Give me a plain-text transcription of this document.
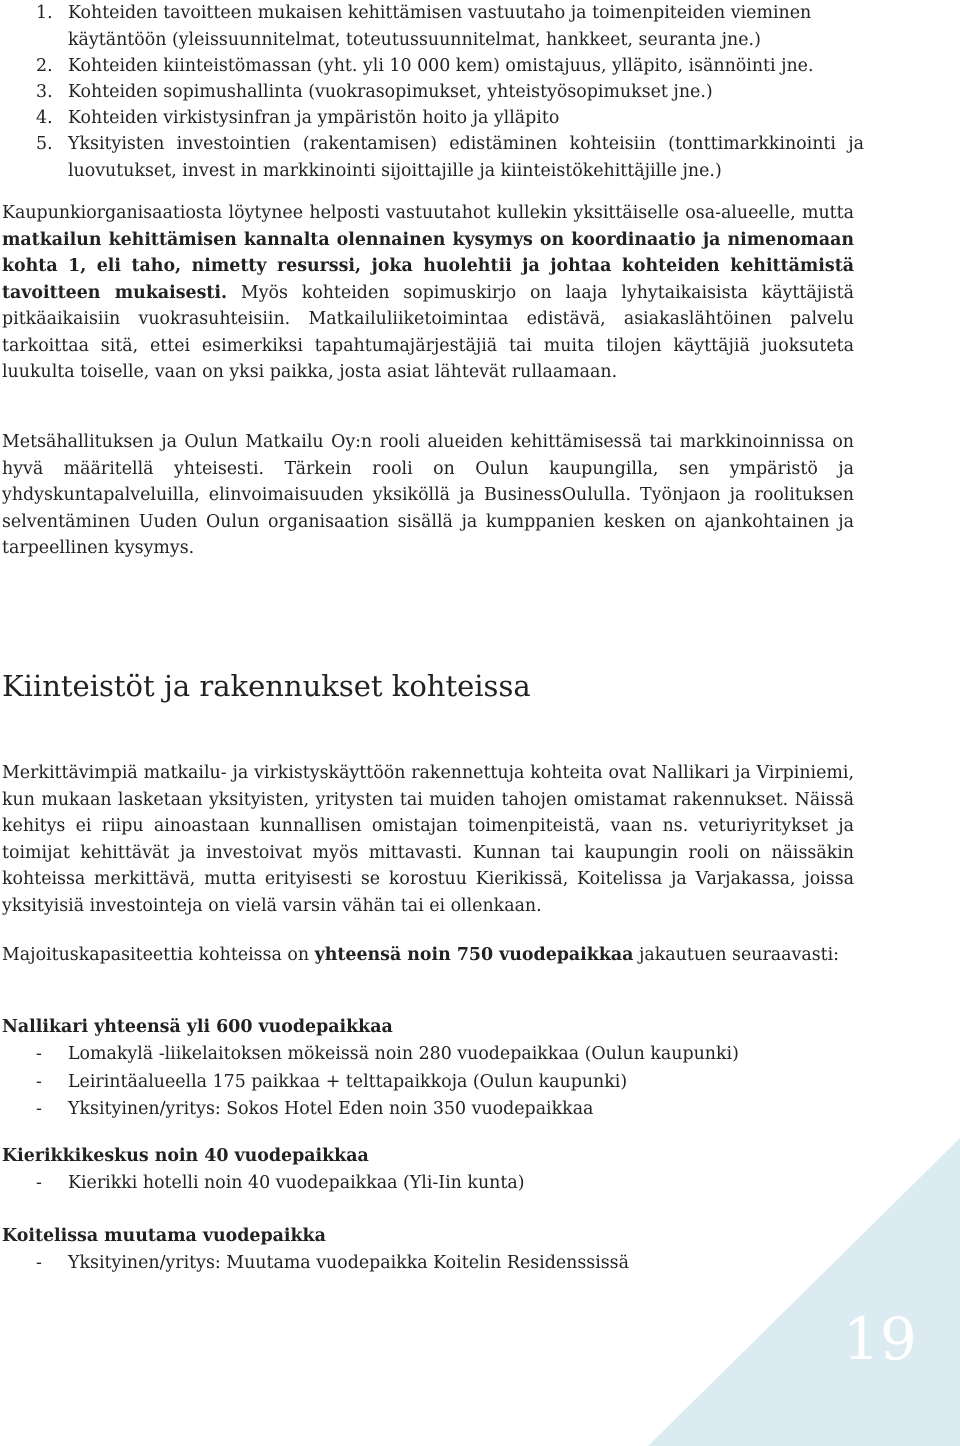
1. Kohteiden tavoitteen mukaisen kehittämisen vastuutaho ja toimenpiteiden vieminen käytäntöön (yleissuunnitelmat, toteutussuunnitelmat, hankkeet, seuranta jne.)
2. Kohteiden kiinteistömassan (yht. yli 10 000 kem) omistajuus, ylläpito, isännöinti jne.
3. Kohteiden sopimushallinta (vuokrasopimukset, yhteistyösopimukset jne.)
4. Kohteiden virkistysinfran ja ympäristön hoito ja ylläpito
5. Yksityisten investointien (rakentamisen) edistäminen kohteisiin (tonttimarkkinointi ja luovutukset, invest in markkinointi sijoittajille ja kiinteistökehittäjille jne.)

Kaupunkiorganisaatiosta löytynee helposti vastuutahot kullekin yksittäiselle osa-alueelle, mutta matkailun kehittämisen kannalta olennainen kysymys on koordinaatio ja nimenomaan kohta 1, eli taho, nimetty resurssi, joka huolehtii ja johtaa kohteiden kehittämistä tavoitteen mukaisesti. Myös kohteiden sopimuskirjo on laaja lyhytaikaisista käyttäjistä pitkäaikaisiin vuokrasuhteisiin. Matkailuliiketoimintaa edistävä, asiakaslähtöinen palvelu tarkoittaa sitä, ettei esimerkiksi tapahtumajärjestäjiä tai muita tilojen käyttäjiä juoksuteta luukulta toiselle, vaan on yksi paikka, josta asiat lähtevät rullaamaan.

Metsähallituksen ja Oulun Matkailu Oy:n rooli alueiden kehittämisessä tai markkinoinnissa on hyvä määritellä yhteisesti. Tärkein rooli on Oulun kaupungilla, sen ympäristö ja yhdyskuntapalveluilla, elinvoimaisuuden yksiköllä ja BusinessOululla. Työnjaon ja roolituksen selventäminen Uuden Oulun organisaation sisällä ja kumppanien kesken on ajankohtainen ja tarpeellinen kysymys.

Kiinteistöt ja rakennukset kohteissa

Merkittävimpiä matkailu- ja virkistyskäyttöön rakennettuja kohteita ovat Nallikari ja Virpiniemi, kun mukaan lasketaan yksityisten, yritysten tai muiden tahojen omistamat rakennukset. Näissä kehitys ei riipu ainoastaan kunnallisen omistajan toimenpiteistä, vaan ns. veturiyritykset ja toimijat kehittävät ja investoivat myös mittavasti. Kunnan tai kaupungin rooli on näissäkin kohteissa merkittävä, mutta erityisesti se korostuu Kierikissä, Koitelissa ja Varjakassa, joissa yksityisiä investointeja on vielä varsin vähän tai ei ollenkaan.

Majoituskapasiteettia kohteissa on yhteensä noin 750 vuodepaikkaa jakautuen seuraavasti:

Nallikari yhteensä yli 600 vuodepaikkaa
- Lomakylä -liikelaitoksen mökeissä noin 280 vuodepaikkaa (Oulun kaupunki)
- Leirintäalueella 175 paikkaa + telttapaikkoja (Oulun kaupunki)
- Yksityinen/yritys: Sokos Hotel Eden noin 350 vuodepaikkaa
Kierikkikeskus noin 40 vuodepaikkaa
- Kierikki hotelli noin 40 vuodepaikkaa (Yli-Iin kunta)
Koitelissa muutama vuodepaikka
- Yksityinen/yritys: Muutama vuodepaikka Koitelin Residenssissä
19
